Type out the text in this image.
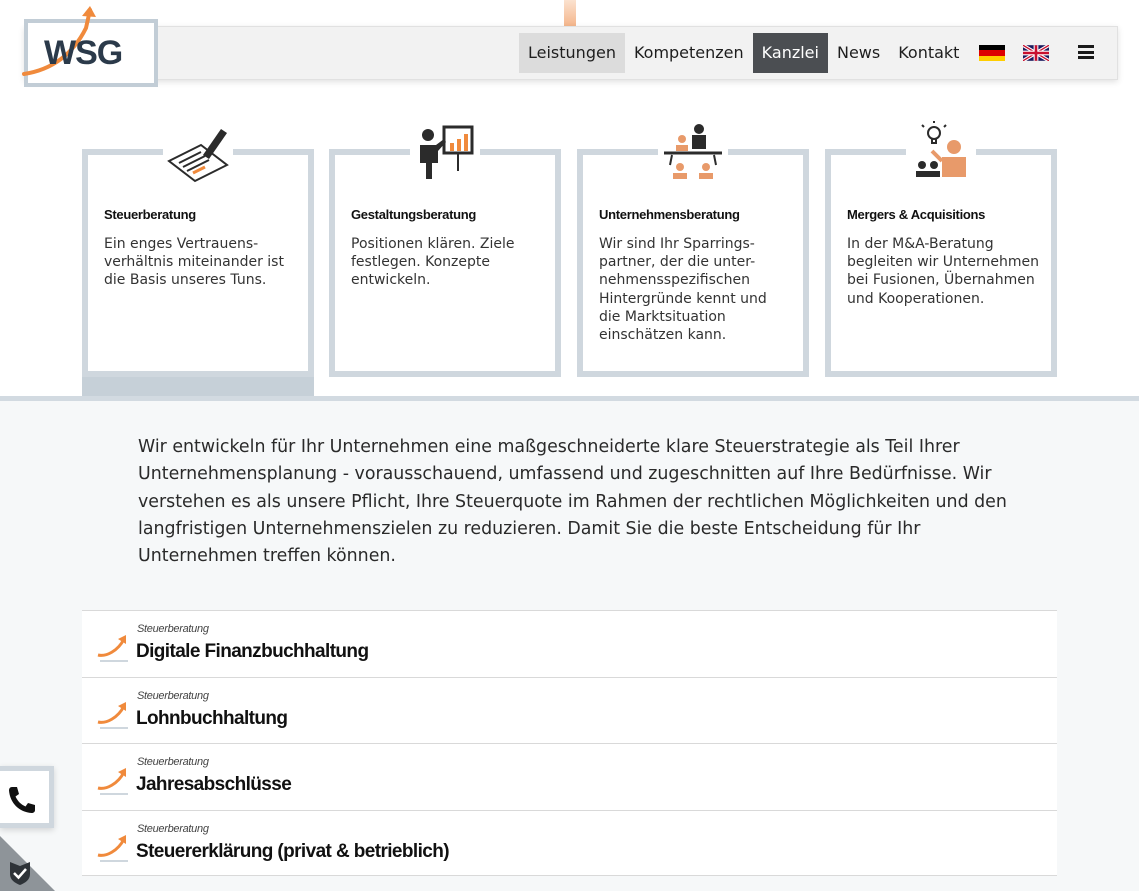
WSG	Leistungen	Kompetenzen	Kanzlei	News	Kontakt
Steuerberatung
Ein enges Vertrauens-verhältnis miteinander ist die Basis unseres Tuns.
Gestaltungsberatung
Positionen klären. Ziele festlegen. Konzepte entwickeln.
Unternehmensberatung
Wir sind Ihr Sparrings-partner, der die unter-nehmensspezifischen Hintergründe kennt und die Marktsituation einschätzen kann.
Mergers & Acquisitions
In der M&A-Beratung begleiten wir Unternehmen bei Fusionen, Übernahmen und Kooperationen.

Wir entwickeln für Ihr Unternehmen eine maßgeschneiderte klare Steuerstrategie als Teil Ihrer Unternehmensplanung - vorausschauend, umfassend und zugeschnitten auf Ihre Bedürfnisse. Wir verstehen es als unsere Pflicht, Ihre Steuerquote im Rahmen der rechtlichen Möglichkeiten und den langfristigen Unternehmenszielen zu reduzieren. Damit Sie die beste Entscheidung für Ihr Unternehmen treffen können.

Steuerberatung
Digitale Finanzbuchhaltung
Steuerberatung
Lohnbuchhaltung
Steuerberatung
Jahresabschlüsse
Steuerberatung
Steuererklärung (privat & betrieblich)
